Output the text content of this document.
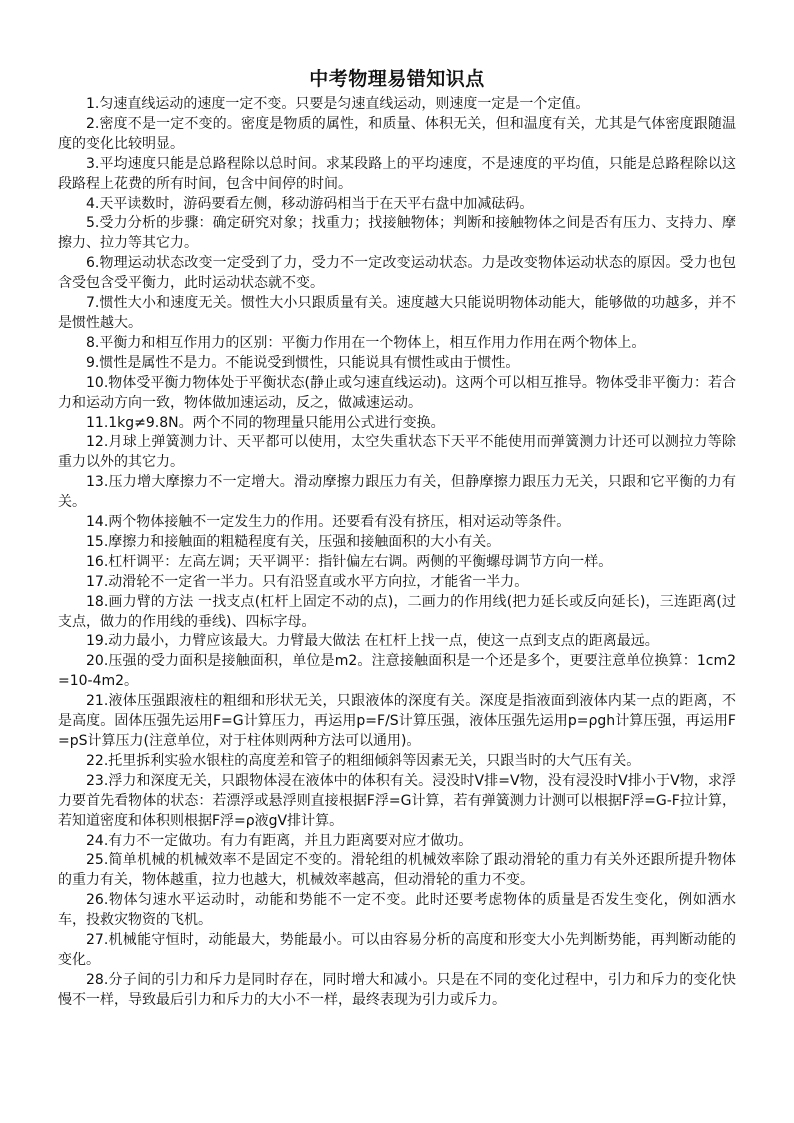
中考物理易错知识点

1.匀速直线运动的速度一定不变。只要是匀速直线运动，则速度一定是一个定值。

2.密度不是一定不变的。密度是物质的属性，和质量、体积无关，但和温度有关，尤其是气体密度跟随温度的变化比较明显。

3.平均速度只能是总路程除以总时间。求某段路上的平均速度，不是速度的平均值，只能是总路程除以这段路程上花费的所有时间，包含中间停的时间。

4.天平读数时，游码要看左侧，移动游码相当于在天平右盘中加减砝码。

5.受力分析的步骤：确定研究对象；找重力；找接触物体；判断和接触物体之间是否有压力、支持力、摩擦力、拉力等其它力。

6.物理运动状态改变一定受到了力，受力不一定改变运动状态。力是改变物体运动状态的原因。受力也包含受包含受平衡力，此时运动状态就不变。

7.惯性大小和速度无关。惯性大小只跟质量有关。速度越大只能说明物体动能大，能够做的功越多，并不是惯性越大。

8.平衡力和相互作用力的区别：平衡力作用在一个物体上，相互作用力作用在两个物体上。

9.惯性是属性不是力。不能说受到惯性，只能说具有惯性或由于惯性。

10.物体受平衡力物体处于平衡状态(静止或匀速直线运动)。这两个可以相互推导。物体受非平衡力：若合力和运动方向一致，物体做加速运动，反之，做减速运动。

11.1kg≠9.8N。两个不同的物理量只能用公式进行变换。

12.月球上弹簧测力计、天平都可以使用，太空失重状态下天平不能使用而弹簧测力计还可以测拉力等除重力以外的其它力。

13.压力增大摩擦力不一定增大。滑动摩擦力跟压力有关，但静摩擦力跟压力无关，只跟和它平衡的力有关。

14.两个物体接触不一定发生力的作用。还要看有没有挤压，相对运动等条件。

15.摩擦力和接触面的粗糙程度有关，压强和接触面积的大小有关。

16.杠杆调平：左高左调；天平调平：指针偏左右调。两侧的平衡螺母调节方向一样。

17.动滑轮不一定省一半力。只有沿竖直或水平方向拉，才能省一半力。

18.画力臂的方法 一找支点(杠杆上固定不动的点)，二画力的作用线(把力延长或反向延长)，三连距离(过支点，做力的作用线的垂线)、四标字母。

19.动力最小，力臂应该最大。力臂最大做法 在杠杆上找一点，使这一点到支点的距离最远。

20.压强的受力面积是接触面积，单位是m2。注意接触面积是一个还是多个，更要注意单位换算：1cm2=10-4m2。

21.液体压强跟液柱的粗细和形状无关，只跟液体的深度有关。深度是指液面到液体内某一点的距离，不是高度。固体压强先运用F=G计算压力，再运用p=F/S计算压强，液体压强先运用p=ρgh计算压强，再运用F=pS计算压力(注意单位，对于柱体则两种方法可以通用)。

22.托里拆利实验水银柱的高度差和管子的粗细倾斜等因素无关，只跟当时的大气压有关。

23.浮力和深度无关，只跟物体浸在液体中的体积有关。浸没时V排=V物，没有浸没时V排小于V物，求浮力要首先看物体的状态：若漂浮或悬浮则直接根据F浮=G计算，若有弹簧测力计测可以根据F浮=G-F拉计算，若知道密度和体积则根据F浮=ρ液gV排计算。

24.有力不一定做功。有力有距离，并且力距离要对应才做功。

25.简单机械的机械效率不是固定不变的。滑轮组的机械效率除了跟动滑轮的重力有关外还跟所提升物体的重力有关，物体越重，拉力也越大，机械效率越高，但动滑轮的重力不变。

26.物体匀速水平运动时，动能和势能不一定不变。此时还要考虑物体的质量是否发生变化，例如洒水车，投救灾物资的飞机。

27.机械能守恒时，动能最大，势能最小。可以由容易分析的高度和形变大小先判断势能，再判断动能的变化。

28.分子间的引力和斥力是同时存在，同时增大和减小。只是在不同的变化过程中，引力和斥力的变化快慢不一样，导致最后引力和斥力的大小不一样，最终表现为引力或斥力。
